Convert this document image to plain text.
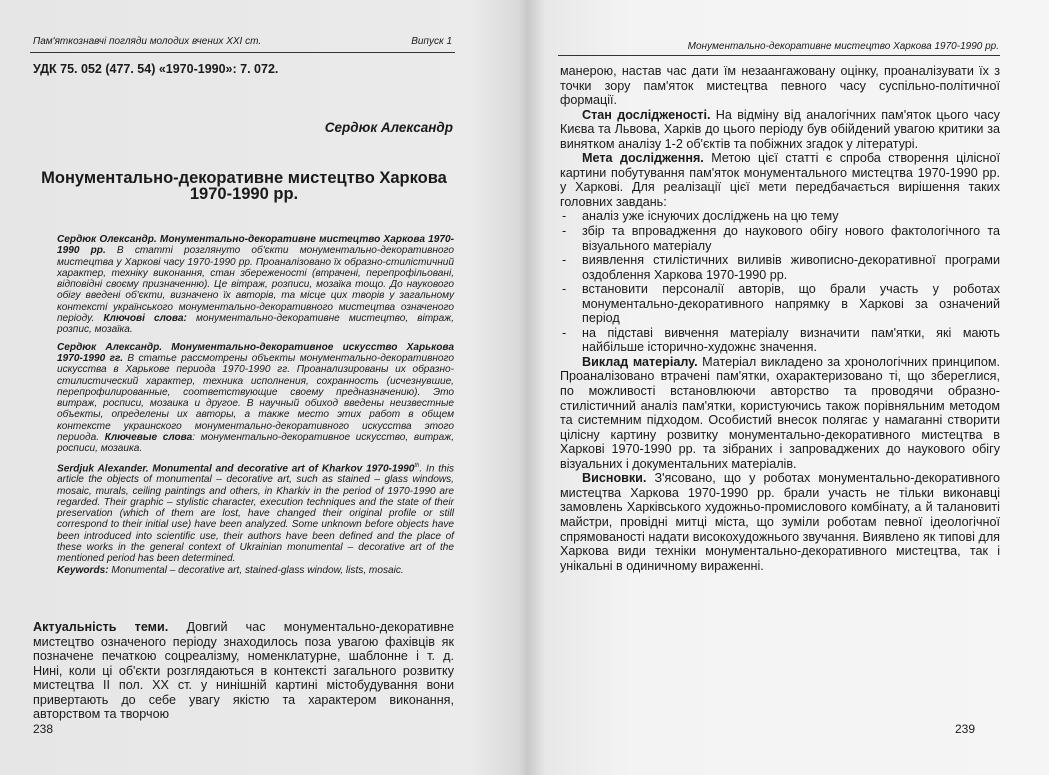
Пам'яткознавчі погляди молодих вчених XXI ст.	Випуск 1
УДК 75. 052 (477. 54) «1970-1990»: 7. 072.
Сердюк Александр
Монументально-декоративне мистецтво Харкова
1970-1990 рр.

Сердюк Олександр. Монументально-декоративне мистецтво Харкова 1970-1990 рр. В статті розглянуто об'єкти монументально-декоративного мистецтва у Харкові часу 1970-1990 рр. Проаналізовано їх образно-стилістичний характер, техніку виконання, стан збереженості (втрачені, перепрофільовані, відповідні своєму призначенню). Це вітраж, розписи, мозаїка тощо. До наукового обігу введені об'єкти, визначено їх авторів, та місце цих творів у загальному контексті українського монументально-декоративного мистецтва означеного періоду. Ключові слова: монументально-декоративне мистецтво, вітраж, розпис, мозаїка.

Сердюк Александр. Монументально-декоративное искусство Харькова 1970-1990 гг. В статье рассмотрены объекты монументально-декоративного искусства в Харькове периода 1970-1990 гг. Проанализированы их образно-стилистический характер, техника исполнения, сохранность (исчезнувшие, перепрофилированные, соответствующие своему предназначению). Это витраж, росписи, мозаика и другое. В научный обиход введены неизвестные объекты, определены их авторы, а также место этих работ в общем контексте украинского монументально-декоративного искусства этого периода. Ключевые слова: монументально-декоративное искусство, витраж, росписи, мозаика.

Serdjuk Alexander. Monumental and decorative art of Kharkov 1970-1990th. In this article the objects of monumental – decorative art, such as stained – glass windows, mosaic, murals, ceiling paintings and others, in Kharkiv in the period of 1970-1990 are regarded. Their graphic – stylistic character, execution techniques and the state of their preservation (which of them are lost, have changed their original profile or still correspond to their initial use) have been analyzed. Some unknown before objects have been introduced into scientific use, their authors have been defined and the place of these works in the general context of Ukrainian monumental – decorative art of the mentioned period has been determined.
Keywords: Monumental – decorative art, stained-glass window, lists, mosaic.

Актуальність теми. Довгий час монументально-декоративне мистецтво означеного періоду знаходилось поза увагою фахівців як позначене печаткою соцреалізму, номенклатурне, шаблонне і т. д. Нині, коли ці об'єкти розглядаються в контексті загального розвитку мистецтва II пол. XX ст. у нинішній картині містобудування вони привертають до себе увагу якістю та характером виконання, авторством та творчою

238
Монументально-декоративне мистецтво Харкова 1970-1990 рр.

манерою, настав час дати їм незаангажовану оцінку, проаналізувати їх з точки зору пам'яток мистецтва певного часу суспільно-політичної формації.

Стан досліджeності. На відміну від аналогічних пам'яток цього часу Києва та Львова, Харків до цього періоду був обійдений увагою критики за винятком аналізу 1-2 об'єктів та побіжних згадок у літературі.

Мета дослідження. Метою цієї статті є спроба створення цілісної картини побутування пам'яток монументального мистецтва 1970-1990 рр. у Харкові. Для реалізації цієї мети передбачається вирішення таких головних завдань:

- аналіз уже існуючих досліджень на цю тему
- збір та впровадження до наукового обігу нового фактологічного та візуального матеріалу
- виявлення стилістичних виливів живописно-декоративної програми оздоблення Харкова 1970-1990 рр.
- встановити персоналії авторів, що брали участь у роботах монументально-декоративного напрямку в Харкові за означений період
- на підставі вивчення матеріалу визначити пам'ятки, які мають найбільше історично-художнє значення.

Виклад матеріалу. Матеріал викладено за хронологічних принципом. Проаналізовано втрачені пам'ятки, охарактеризовано ті, що збереглися, по можливості встановлюючи авторство та проводячи образно-стилістичний аналіз пам'ятки, користуючись також порівняльним методом та системним підходом. Особистий внесок полягає у намаганні створити цілісну картину розвитку монументально-декоративного мистецтва в Харкові 1970-1990 рр. та зібраних і запроваджених до наукового обігу візуальних і документальних матеріалів.

Висновки. З'ясовано, що у роботах монументально-декоративного мистецтва Харкова 1970-1990 рр. брали участь не тільки виконавці замовлень Харківського художньо-промислового комбінату, а й талановиті майстри, провідні митці міста, що зуміли роботам певної ідеологічної спрямованості надати високохудожнього звучання. Виявлено як типові для Харкова види техніки монументально-декоративного мистецтва, так і унікальні в одиничному вираженні.

239
